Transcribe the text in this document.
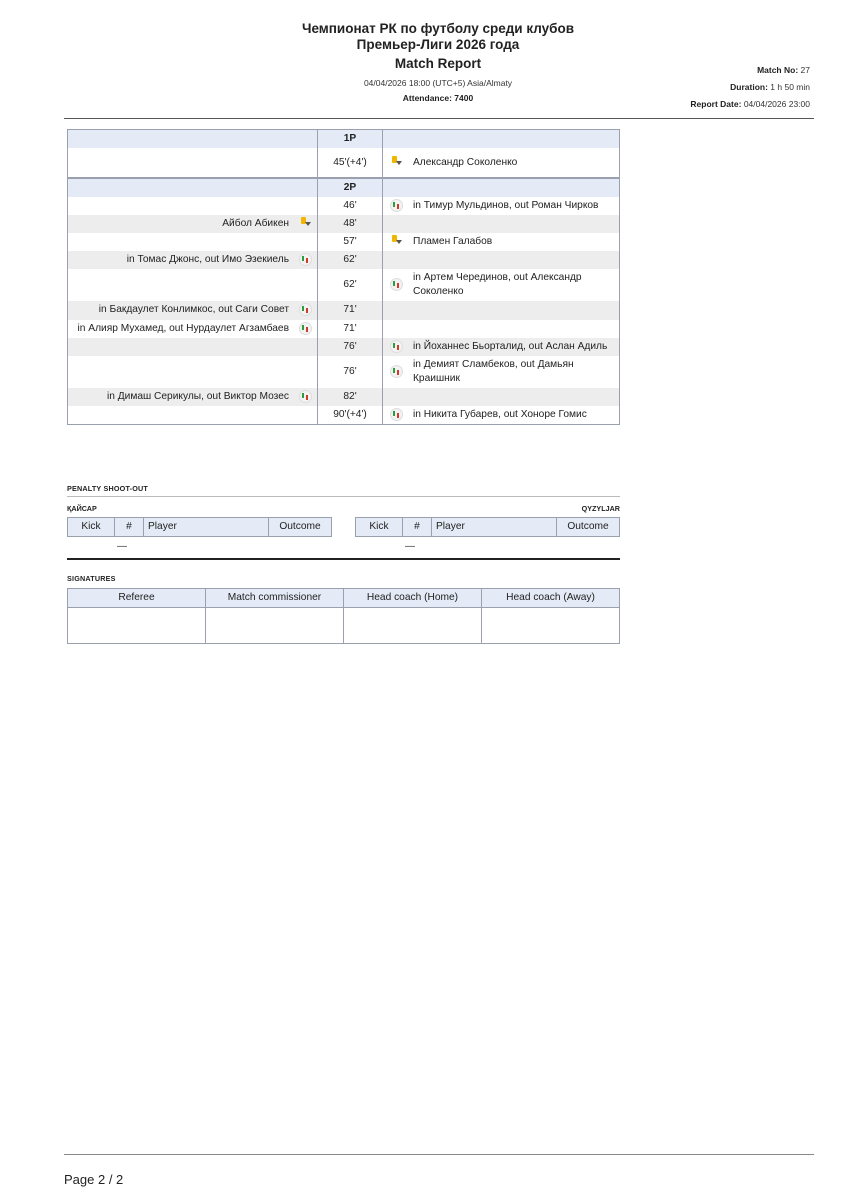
Чемпионат РК по футболу среди клубов
Премьер-Лиги 2026 года
Match Report
04/04/2026 18:00 (UTC+5) Asia/Almaty
Attendance: 7400
Match No: 27
Duration: 1 h 50 min
Report Date: 04/04/2026 23:00
		1P		
		45'(+4')		Александр Соколенко
		2P		
		46'		in Тимур Мульдинов, out Роман Чирков
Айбол Абикен		48'		
		57'		Пламен Галабов
in Томас Джонс, out Имо Эзекиель		62'		
		62'		in Артем Черединов, out Александр Соколенко
in Бакдаулет Конлимкос, out Саги Совет		71'		
in Алияр Мухамед, out Нурдаулет Агзамбаев		71'		
		76'		in Йоханнес Бьорталид, out Аслан Адиль
		76'		in Демият Сламбеков, out Дамьян Краишник
in Димаш Серикулы, out Виктор Мозес		82'		
		90'(+4')		in Никита Губарев, out Хоноре Гомис
PENALTY SHOOT-OUT
ҚАЙСАР	QYZYLJAR
Kick	#	Player	Outcome	Kick	#	Player	Outcome
—	—
SIGNATURES
Referee	Match commissioner	Head coach (Home)	Head coach (Away)

Page 2 / 2
